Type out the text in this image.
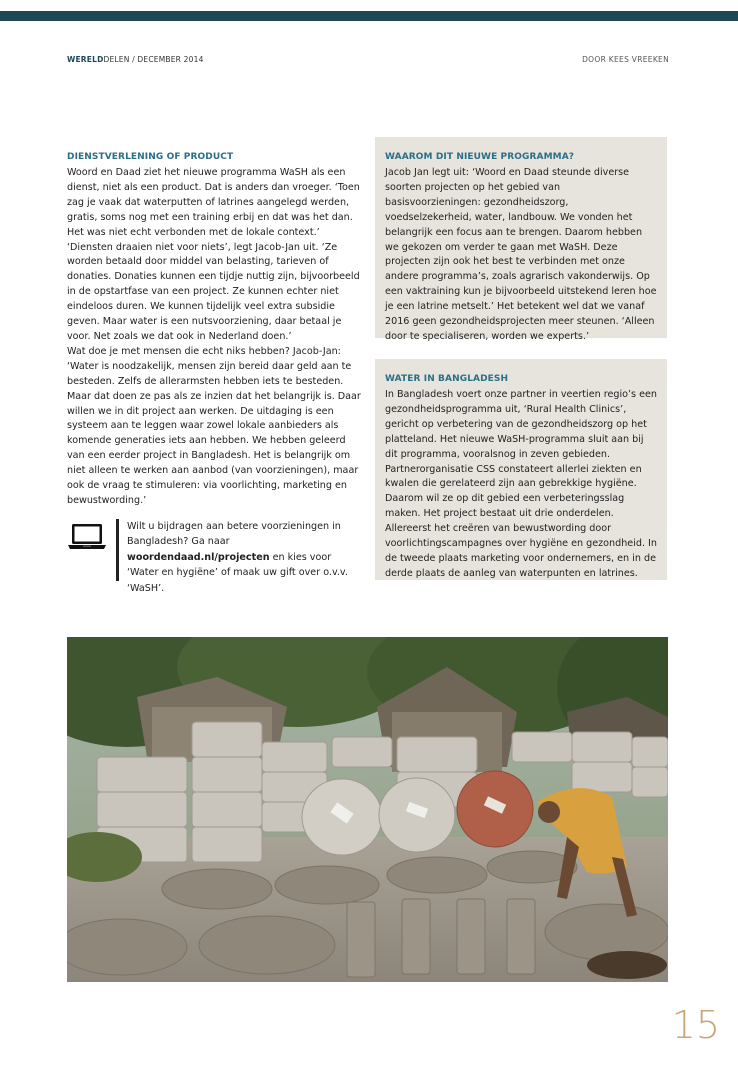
WERELDDELEN / DECEMBER 2014	DOOR KEES VREEKEN
DIENSTVERLENING OF PRODUCT

Woord en Daad ziet het nieuwe programma WaSH als een dienst, niet als een product. Dat is anders dan vroeger. ‘Toen zag je vaak dat waterputten of latrines aangelegd werden, gratis, soms nog met een training erbij en dat was het dan. Het was niet echt verbonden met de lokale context.’

‘Diensten draaien niet voor niets’, legt Jacob-Jan uit. ‘Ze worden betaald door middel van belasting, tarieven of donaties. Donaties kunnen een tijdje nuttig zijn, bijvoorbeeld in de opstartfase van een project. Ze kunnen echter niet eindeloos duren. We kunnen tijdelijk veel extra subsidie geven. Maar water is een nutsvoorziening, daar betaal je voor. Net zoals we dat ook in Nederland doen.’

Wat doe je met mensen die echt niks hebben? Jacob-Jan: ‘Water is noodzakelijk, mensen zijn bereid daar geld aan te besteden. Zelfs de allerarmsten hebben iets te besteden. Maar dat doen ze pas als ze inzien dat het belangrijk is. Daar willen we in dit project aan werken. De uitdaging is een systeem aan te leggen waar zowel lokale aanbieders als komende generaties iets aan hebben. We hebben geleerd van een eerder project in Bangladesh. Het is belangrijk om niet alleen te werken aan aanbod (van voorzieningen), maar ook de vraag te stimuleren: via voorlichting, marketing en bewustwording.’

Wilt u bijdragen aan betere voorzieningen in Bangladesh? Ga naar woordendaad.nl/projecten en kies voor ‘Water en hygiëne’ of maak uw gift over o.v.v. ‘WaSH’.
WAAROM DIT NIEUWE PROGRAMMA?

Jacob Jan legt uit: ‘Woord en Daad steunde diverse soorten projecten op het gebied van basisvoorzieningen: gezondheidszorg, voedselzekerheid, water, landbouw. We vonden het belangrijk een focus aan te brengen. Daarom hebben we gekozen om verder te gaan met WaSH. Deze projecten zijn ook het best te verbinden met onze andere programma’s, zoals agrarisch vakonderwijs. Op een vaktraining kun je bijvoorbeeld uitstekend leren hoe je een latrine metselt.’ Het betekent wel dat we vanaf 2016 geen gezondheidsprojecten meer steunen. ‘Alleen door te specialiseren, worden we experts.’

WATER IN BANGLADESH

In Bangladesh voert onze partner in veertien regio’s een gezondheidsprogramma uit, ‘Rural Health Clinics’, gericht op verbetering van de gezondheidszorg op het platteland. Het nieuwe WaSH-programma sluit aan bij dit programma, vooralsnog in zeven gebieden. Partnerorganisatie CSS constateert allerlei ziekten en kwalen die gerelateerd zijn aan gebrekkige hygiëne. Daarom wil ze op dit gebied een verbeteringsslag maken. Het project bestaat uit drie onderdelen. Allereerst het creëren van bewustwording door voorlichtingscampagnes over hygiëne en gezondheid. In de tweede plaats marketing voor ondernemers, en in de derde plaats de aanleg van waterpunten en latrines.

15
